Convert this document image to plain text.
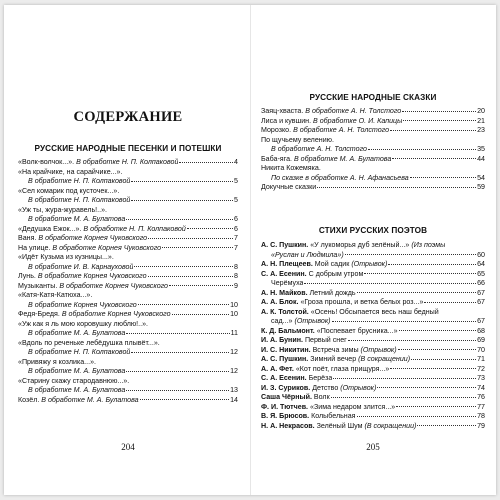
СОДЕРЖАНИЕ
РУССКИЕ НАРОДНЫЕ ПЕСЕНКИ И ПОТЕШКИ
«Волк-волчок...». В обработке Н. П. Колпаковой	4
«На крайчике, на сарайчике...».
В обработке Н. П. Колпаковой	5
«Сел комарик под кусточек...».
В обработке Н. П. Колпаковой	5
«Уж ты, жура-журавель!..».
В обработке М. А. Булатова	6
«Дедушка Ежок...». В обработке Н. П. Колпаковой	6
Ваня. В обработке Корнея Чуковского	7
На улице. В обработке Корнея Чуковского	7
«Идёт Кузьма из кузницы...».
В обработке И. В. Карнауховой	8
Лунь. В обработке Корнея Чуковского	8
Музыканты. В обработке Корнея Чуковского	9
«Катя-Катя-Катюха...».
В обработке Корнея Чуковского	10
Федя-Бредя. В обработке Корнея Чуковского	10
«Уж как я ль мою коровушку люблю!..».
В обработке М. А. Булатова	11
«Вдоль по реченьке лебёдушка плывёт...».
В обработке Н. П. Колпаковой	12
«Привяжу я козлика...».
В обработке М. А. Булатова	12
«Старину скажу стародавнюю...».
В обработке М. А. Булатова	13
Козёл. В обработке М. А. Булатова	14
204
РУССКИЕ НАРОДНЫЕ СКАЗКИ
Заяц-хваста. В обработке А. Н. Толстого	20
Лиса и кувшин. В обработке О. И. Капицы	21
Морозко. В обработке А. Н. Толстого	23
По щучьему велению.
В обработке А. Н. Толстого	35
Баба-яга. В обработке М. А. Булатова	44
Никита Кожемяка.
По сказке в обработке А. Н. Афанасьева	54
Докучные сказки	59
СТИХИ РУССКИХ ПОЭТОВ
А. С. Пушкин. «У лукоморья дуб зелёный...» (Из поэмы
«Руслан и Людмила»)	60
А. Н. Плещеев. Мой садик (Отрывок)	64
С. А. Есенин. С добрым утром	65
Черёмуха	66
А. Н. Майков. Летний дождь	67
А. А. Блок. «Гроза прошла, и ветка белых роз...»	67
А. К. Толстой. «Осень! Обсыпается весь наш бедный
сад...» (Отрывок)	67
К. Д. Бальмонт. «Поспевает брусника...»	68
И. А. Бунин. Первый снег	69
И. С. Никитин. Встреча зимы (Отрывок)	70
А. С. Пушкин. Зимний вечер (В сокращении)	71
А. А. Фет. «Кот поёт, глаза прищуря...»	72
С. А. Есенин. Берёза	73
И. З. Суриков. Детство (Отрывок)	74
Саша Чёрный. Волк	76
Ф. И. Тютчев. «Зима недаром злится...»	77
В. Я. Брюсов. Колыбельная	78
Н. А. Некрасов. Зелёный Шум (В сокращении)	79
205
